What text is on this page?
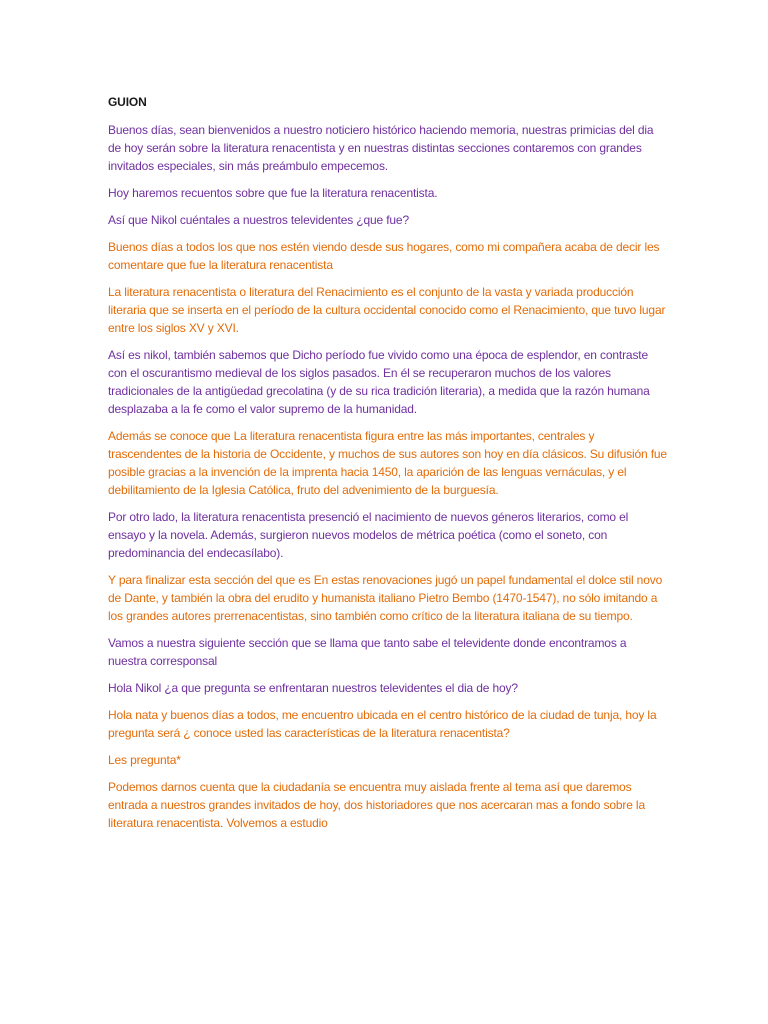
GUION

Buenos días, sean bienvenidos a nuestro noticiero histórico haciendo memoria, nuestras primicias del dia de hoy serán sobre la literatura renacentista y en nuestras distintas secciones contaremos con grandes invitados especiales, sin más preámbulo empecemos.

Hoy haremos recuentos sobre que fue la literatura renacentista.

Así que Nikol cuéntales a nuestros televidentes ¿que fue?

Buenos días a todos los que nos estén viendo desde sus hogares, como mi compañera acaba de decir les comentare que fue la literatura renacentista

La literatura renacentista o literatura del Renacimiento es el conjunto de la vasta y variada producción literaria que se inserta en el período de la cultura occidental conocido como el Renacimiento, que tuvo lugar entre los siglos XV y XVI.

Así es nikol, también sabemos que Dicho período fue vivido como una época de esplendor, en contraste con el oscurantismo medieval de los siglos pasados. En él se recuperaron muchos de los valores tradicionales de la antigüedad grecolatina (y de su rica tradición literaria), a medida que la razón humana desplazaba a la fe como el valor supremo de la humanidad.

Además se conoce que La literatura renacentista figura entre las más importantes, centrales y trascendentes de la historia de Occidente, y muchos de sus autores son hoy en día clásicos. Su difusión fue posible gracias a la invención de la imprenta hacia 1450, la aparición de las lenguas vernáculas, y el debilitamiento de la Iglesia Católica, fruto del advenimiento de la burguesía.

Por otro lado, la literatura renacentista presenció el nacimiento de nuevos géneros literarios, como el ensayo y la novela. Además, surgieron nuevos modelos de métrica poética (como el soneto, con predominancia del endecasílabo).

Y para finalizar esta sección del que es En estas renovaciones jugó un papel fundamental el dolce stil novo de Dante, y también la obra del erudito y humanista italiano Pietro Bembo (1470-1547), no sólo imitando a los grandes autores prerrenacentistas, sino también como crítico de la literatura italiana de su tiempo.

Vamos a nuestra siguiente sección que se llama que tanto sabe el televidente donde encontramos a nuestra corresponsal

Hola Nikol ¿a que pregunta se enfrentaran nuestros televidentes el dia de hoy?

Hola nata y buenos días a todos, me encuentro ubicada en el centro histórico de la ciudad de tunja, hoy la pregunta será ¿ conoce usted las características de la literatura renacentista?

Les pregunta*

Podemos darnos cuenta que la ciudadanía se encuentra muy aislada frente al tema así que daremos entrada a nuestros grandes invitados de hoy, dos historiadores que nos acercaran mas a fondo sobre la literatura renacentista. Volvemos a estudio
